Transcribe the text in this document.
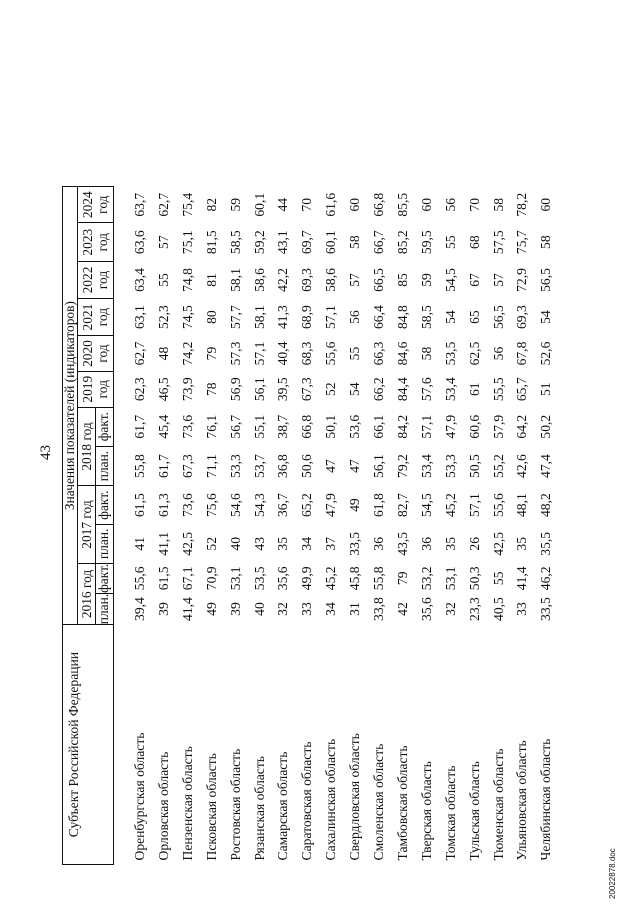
43
Субъект Российской Федерации	Значения показателей (индикаторов)											
	2016 год		2017 год		2018 год		2019 год	2020 год	2021 год	2022 год	2023 год	2024 год

	план.	факт.	план.	факт.	план.	факт.						
Оренбургская область	39,4	55,6	41	61,5	55,8	61,7	62,3	62,7	63,1	63,4	63,6	63,7
Орловская область	39	61,5	41,1	61,3	61,7	45,4	46,5	48	52,3	55	57	62,7
Пензенская область	41,4	67,1	42,5	73,6	67,3	73,6	73,9	74,2	74,5	74,8	75,1	75,4
Псковская область	49	70,9	52	75,6	71,1	76,1	78	79	80	81	81,5	82
Ростовская область	39	53,1	40	54,6	53,3	56,7	56,9	57,3	57,7	58,1	58,5	59
Рязанская область	40	53,5	43	54,3	53,7	55,1	56,1	57,1	58,1	58,6	59,2	60,1
Самарская область	32	35,6	35	36,7	36,8	38,7	39,5	40,4	41,3	42,2	43,1	44
Саратовская область	33	49,9	34	65,2	50,6	66,8	67,3	68,3	68,9	69,3	69,7	70
Сахалинская область	34	45,2	37	47,9	47	50,1	52	55,6	57,1	58,6	60,1	61,6
Свердловская область	31	45,8	33,5	49	47	53,6	54	55	56	57	58	60
Смоленская область	33,8	55,8	36	61,8	56,1	66,1	66,2	66,3	66,4	66,5	66,7	66,8
Тамбовская область	42	79	43,5	82,7	79,2	84,2	84,4	84,6	84,8	85	85,2	85,5
Тверская область	35,6	53,2	36	54,5	53,4	57,1	57,6	58	58,5	59	59,5	60
Томская область	32	53,1	35	45,2	53,3	47,9	53,4	53,5	54	54,5	55	56
Тульская область	23,3	50,3	26	57,1	50,5	60,6	61	62,5	65	67	68	70
Тюменская область	40,5	55	42,5	55,6	55,2	57,9	55,5	56	56,5	57	57,5	58
Ульяновская область	33	41,4	35	48,1	42,6	64,2	65,7	67,8	69,3	72,9	75,7	78,2
Челябинская область	33,5	46,2	35,5	48,2	47,4	50,2	51	52,6	54	56,5	58	60
20022878.doc
